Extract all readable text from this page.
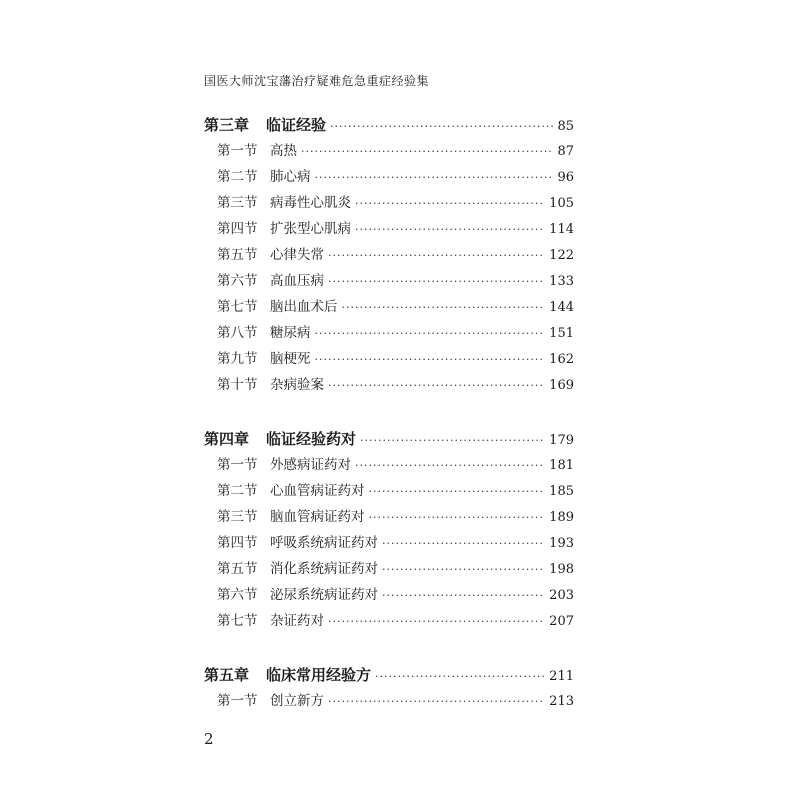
国医大师沈宝藩治疗疑难危急重症经验集
第三章	临证经验 ·····	85
第一节 高热 ·····	87
第二节 肺心病 ·····	96
第三节 病毒性心肌炎 ·····	105
第四节 扩张型心肌病 ·····	114
第五节 心律失常 ·····	122
第六节 高血压病 ·····	133
第七节 脑出血术后 ·····	144
第八节 糖尿病 ·····	151
第九节 脑梗死 ·····	162
第十节 杂病验案 ·····	169
第四章	临证经验药对 ·····	179
第一节 外感病证药对 ·····	181
第二节 心血管病证药对 ·····	185
第三节 脑血管病证药对 ·····	189
第四节 呼吸系统病证药对 ·····	193
第五节 消化系统病证药对 ·····	198
第六节 泌尿系统病证药对 ·····	203
第七节 杂证药对 ·····	207
第五章	临床常用经验方 ·····	211
第一节 创立新方 ·····	213
2
